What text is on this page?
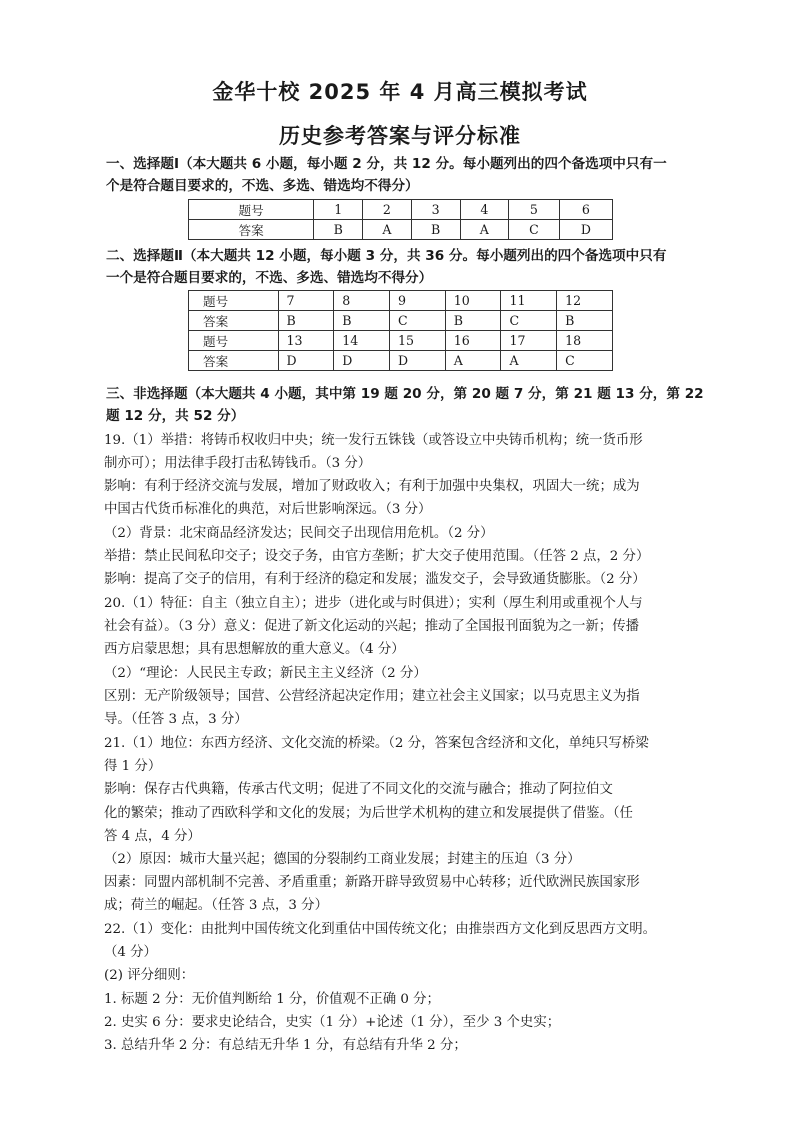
金华十校 2025 年 4 月高三模拟考试
历史参考答案与评分标准
一、选择题Ⅰ（本大题共 6 小题，每小题 2 分，共 12 分。每小题列出的四个备选项中只有一
个是符合题目要求的，不选、多选、错选均不得分）
题号	1	2	3	4	5	6
答案	B	A	B	A	C	D
二、选择题Ⅱ（本大题共 12 小题，每小题 3 分，共 36 分。每小题列出的四个备选项中只有
一个是符合题目要求的，不选、多选、错选均不得分）
题号	7	8	9	10	11	12
答案	B	B	C	B	C	B
题号	13	14	15	16	17	18
答案	D	D	D	A	A	C
三、非选择题（本大题共 4 小题，其中第 19 题 20 分，第 20 题 7 分，第 21 题 13 分，第 22
题 12 分，共 52 分）
19.（1）举措：将铸币权收归中央；统一发行五铢钱（或答设立中央铸币机构；统一货币形
制亦可）；用法律手段打击私铸钱币。（3 分）
影响：有利于经济交流与发展，增加了财政收入；有利于加强中央集权，巩固大一统；成为
中国古代货币标准化的典范，对后世影响深远。（3 分）
（2）背景：北宋商品经济发达；民间交子出现信用危机。（2 分）
举措：禁止民间私印交子；设交子务，由官方垄断；扩大交子使用范围。（任答 2 点，2 分）
影响：提高了交子的信用，有利于经济的稳定和发展；滥发交子，会导致通货膨胀。（2 分）
20.（1）特征：自主（独立自主）；进步（进化或与时俱进）；实利（厚生利用或重视个人与
社会有益）。（3 分）意义：促进了新文化运动的兴起；推动了全国报刊面貌为之一新；传播
西方启蒙思想；具有思想解放的重大意义。（4 分）
（2）“理论：人民民主专政；新民主主义经济（2 分）
区别：无产阶级领导；国营、公营经济起决定作用；建立社会主义国家；以马克思主义为指
导。（任答 3 点，3 分）
21.（1）地位：东西方经济、文化交流的桥梁。（2 分，答案包含经济和文化，单纯只写桥梁
得 1 分）
影响：保存古代典籍，传承古代文明；促进了不同文化的交流与融合；推动了阿拉伯文
化的繁荣；推动了西欧科学和文化的发展；为后世学术机构的建立和发展提供了借鉴。（任
答 4 点，4 分）
（2）原因：城市大量兴起；德国的分裂制约工商业发展；封建主的压迫（3 分）
因素：同盟内部机制不完善、矛盾重重；新路开辟导致贸易中心转移；近代欧洲民族国家形
成；荷兰的崛起。（任答 3 点，3 分）
22.（1）变化：由批判中国传统文化到重估中国传统文化；由推崇西方文化到反思西方文明。
（4 分）
(2) 评分细则：
1. 标题 2 分：无价值判断给 1 分，价值观不正确 0 分；
2. 史实 6 分：要求史论结合，史实（1 分）+论述（1 分），至少 3 个史实；
3. 总结升华 2 分：有总结无升华 1 分，有总结有升华 2 分；
